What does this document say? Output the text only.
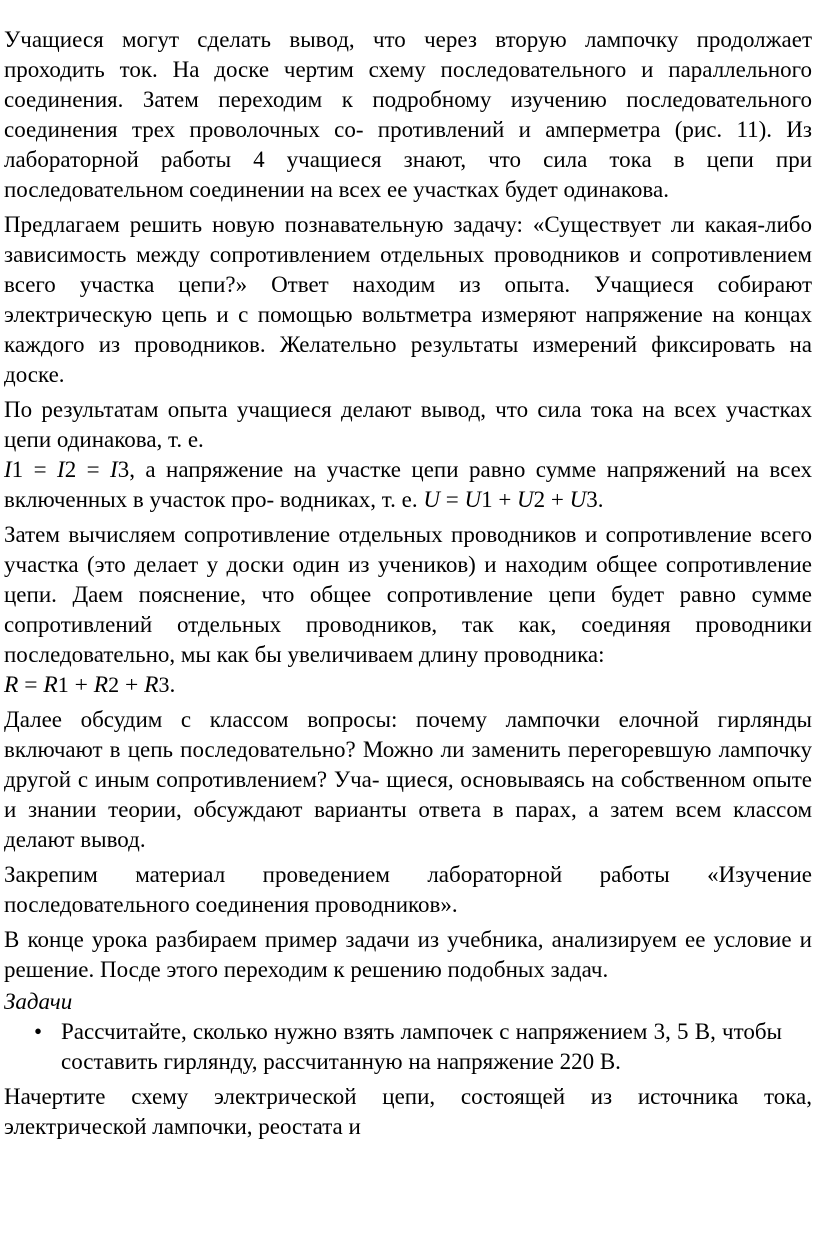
Учащиеся могут сделать вывод, что через вторую лампочку продолжает проходить ток. На доске чертим схему последовательного и параллельного соединения. Затем переходим к подробному изучению последовательного соединения трех проволочных со- противлений и амперметра (рис. 11). Из лабораторной работы 4 учащиеся знают, что сила тока в цепи при последовательном соединении на всех ее участках будет одинакова.

Предлагаем решить новую познавательную задачу: «Существует ли какая-либо зависимость между сопротивлением отдельных проводников и сопротивлением всего участка цепи?» Ответ находим из опыта. Учащиеся собирают электрическую цепь и с помощью вольтметра измеряют напряжение на концах каждого из проводников. Желательно результаты измерений фиксировать на доске.

По результатам опыта учащиеся делают вывод, что сила тока на всех участках цепи одинакова, т. е.

I1 = I2 = I3, а напряжение на участке цепи равно сумме напряжений на всех включенных в участок про- водниках, т. е. U = U1 + U2 + U3.

Затем вычисляем сопротивление отдельных проводников и сопротивление всего участка (это делает у доски один из учеников) и находим общее сопротивление цепи. Даем пояснение, что общее сопротивление цепи будет равно сумме сопротивлений отдельных проводников, так как, соединяя проводники последовательно, мы как бы увеличиваем длину проводника:

R = R1 + R2 + R3.

Далее обсудим с классом вопросы: почему лампочки елочной гирлянды включают в цепь последовательно? Можно ли заменить перегоревшую лампочку другой с иным сопротивлением? Уча- щиеся, основываясь на собственном опыте и знании теории, обсуждают варианты ответа в парах, а затем всем классом делают вывод.

Закрепим материал проведением лабораторной работы «Изучение последовательного соединения проводников».

В конце урока разбираем пример задачи из учебника, анализируем ее условие и решение. Посде этого переходим к решению подобных задач.

Задачи

• Рассчитайте, сколько нужно взять лампочек с напряжением 3, 5 В, чтобы составить гирлянду, рассчитанную на напряжение 220 В.

Начертите схему электрической цепи, состоящей из источника тока, электрической лампочки, реостата и
